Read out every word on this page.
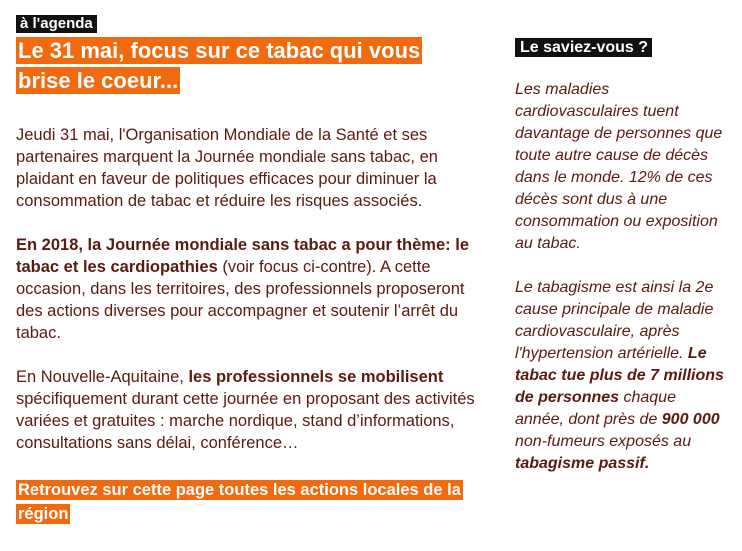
à l'agenda
Le 31 mai, focus sur ce tabac qui vous brise le coeur...

Jeudi 31 mai, l'Organisation Mondiale de la Santé et ses partenaires marquent la Journée mondiale sans tabac, en plaidant en faveur de politiques efficaces pour diminuer la consommation de tabac et réduire les risques associés.

En 2018, la Journée mondiale sans tabac a pour thème: le tabac et les cardiopathies (voir focus ci-contre). A cette occasion, dans les territoires, des professionnels proposeront des actions diverses pour accompagner et soutenir l’arrêt du tabac.

En Nouvelle-Aquitaine, les professionnels se mobilisent spécifiquement durant cette journée en proposant des activités variées et gratuites : marche nordique, stand d’informations, consultations sans délai, conférence…

Retrouvez sur cette page toutes les actions locales de la région
Le saviez-vous ?

Les maladies cardiovasculaires tuent davantage de personnes que toute autre cause de décès dans le monde. 12% de ces décès sont dus à une consommation ou exposition au tabac.

Le tabagisme est ainsi la 2e cause principale de maladie cardiovasculaire, après l'hypertension artérielle. Le tabac tue plus de 7 millions de personnes chaque année, dont près de 900 000 non-fumeurs exposés au tabagisme passif.
